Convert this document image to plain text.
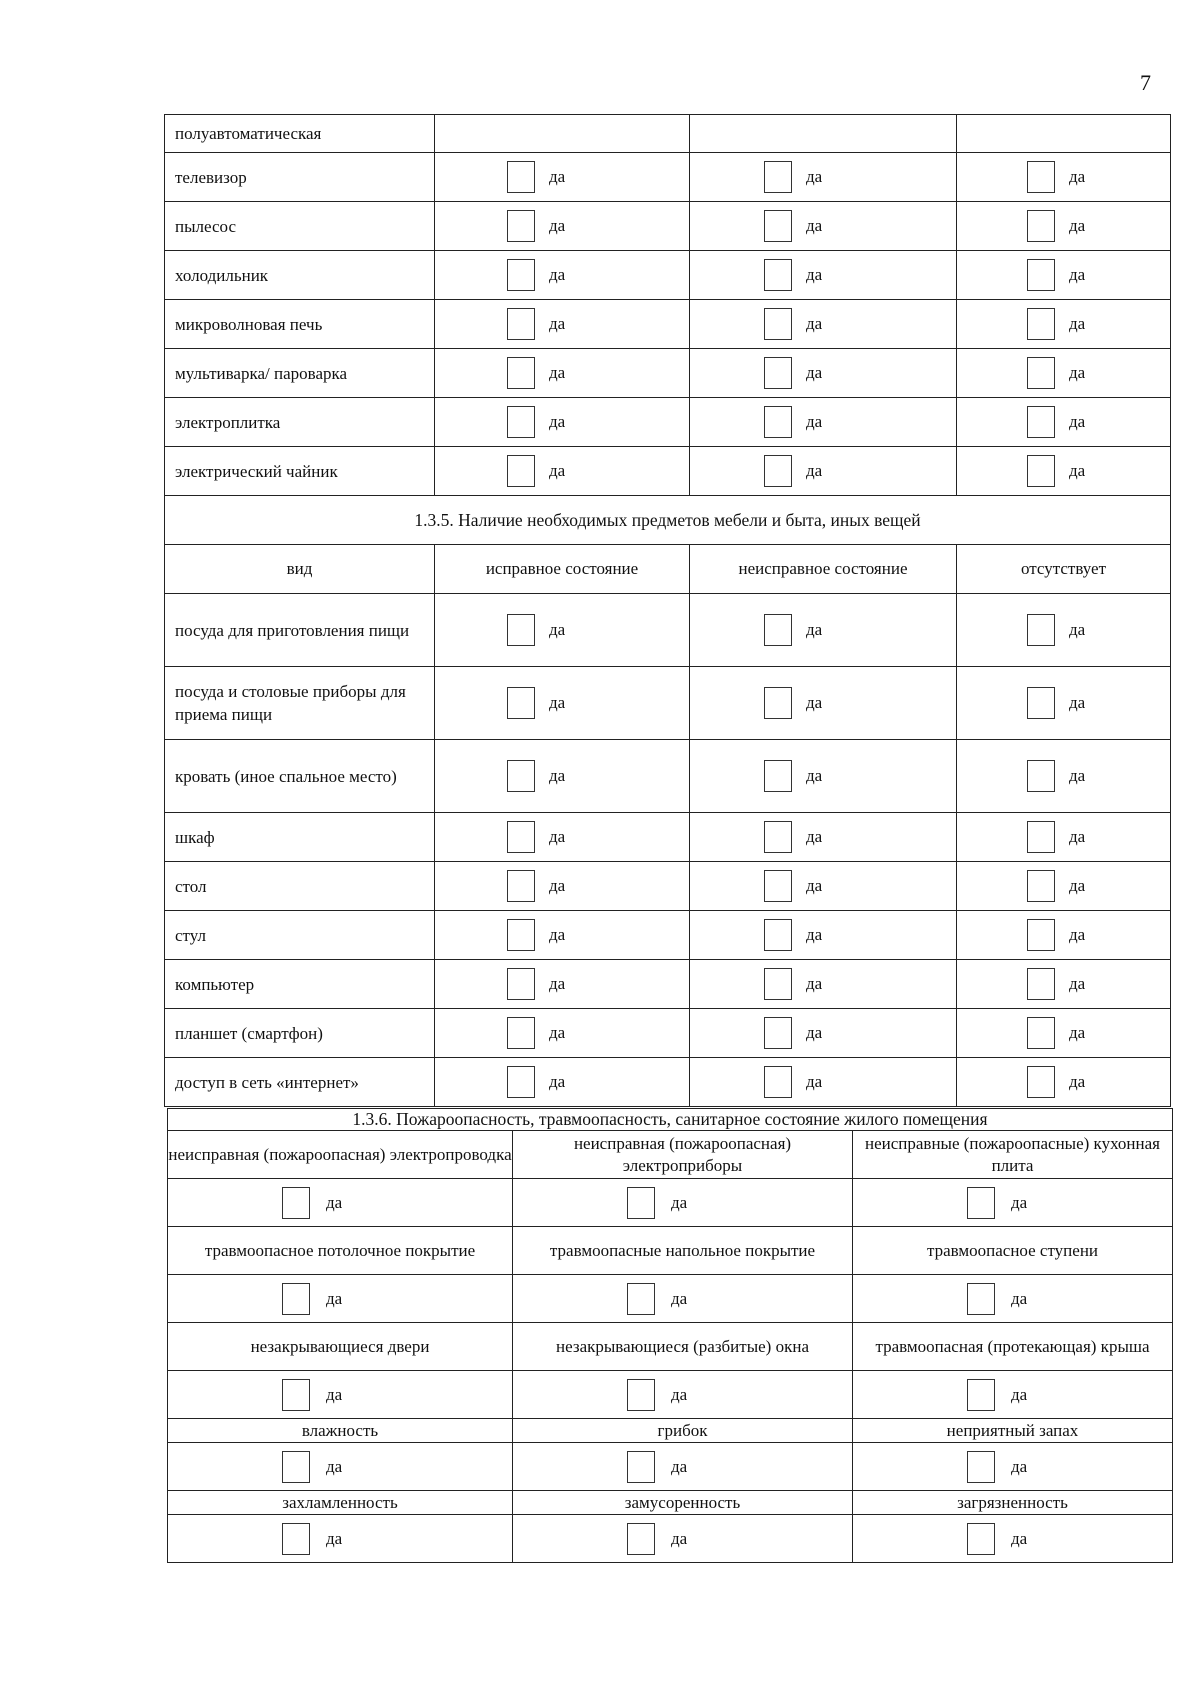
7
полуавтоматическая			
телевизор	да	да	да

пылесос	да	да	да

холодильник	да	да	да

микроволновая печь	да	да	да

мультиварка/ пароварка	да	да	да

электроплитка	да	да	да

электрический чайник	да	да	да

1.3.5. Наличие необходимых предметов мебели и быта, иных вещей			
вид	исправное состояние	неисправное состояние	отсутствует
посуда для приготовления пищи	да	да	да

посуда и столовые приборы для приема пищи	да	да	да

кровать (иное спальное место)	да	да	да

шкаф	да	да	да

стол	да	да	да

стул	да	да	да

компьютер	да	да	да

планшет (смартфон)	да	да	да

доступ в сеть «интернет»	да	да	да
1.3.6. Пожароопасность, травмоопасность, санитарное состояние жилого помещения		
неисправная (пожароопасная) электропроводка	неисправная (пожароопасная) электроприборы	неисправные (пожароопасные) кухонная плита

да	да	да

травмоопасное потолочное покрытие	травмоопасные напольное покрытие	травмоопасное ступени

да	да	да

незакрывающиеся двери	незакрывающиеся (разбитые) окна	травмоопасная (протекающая) крыша

да	да	да

влажность	грибок	неприятный запах

да	да	да

захламленность	замусоренность	загрязненность

да	да	да
